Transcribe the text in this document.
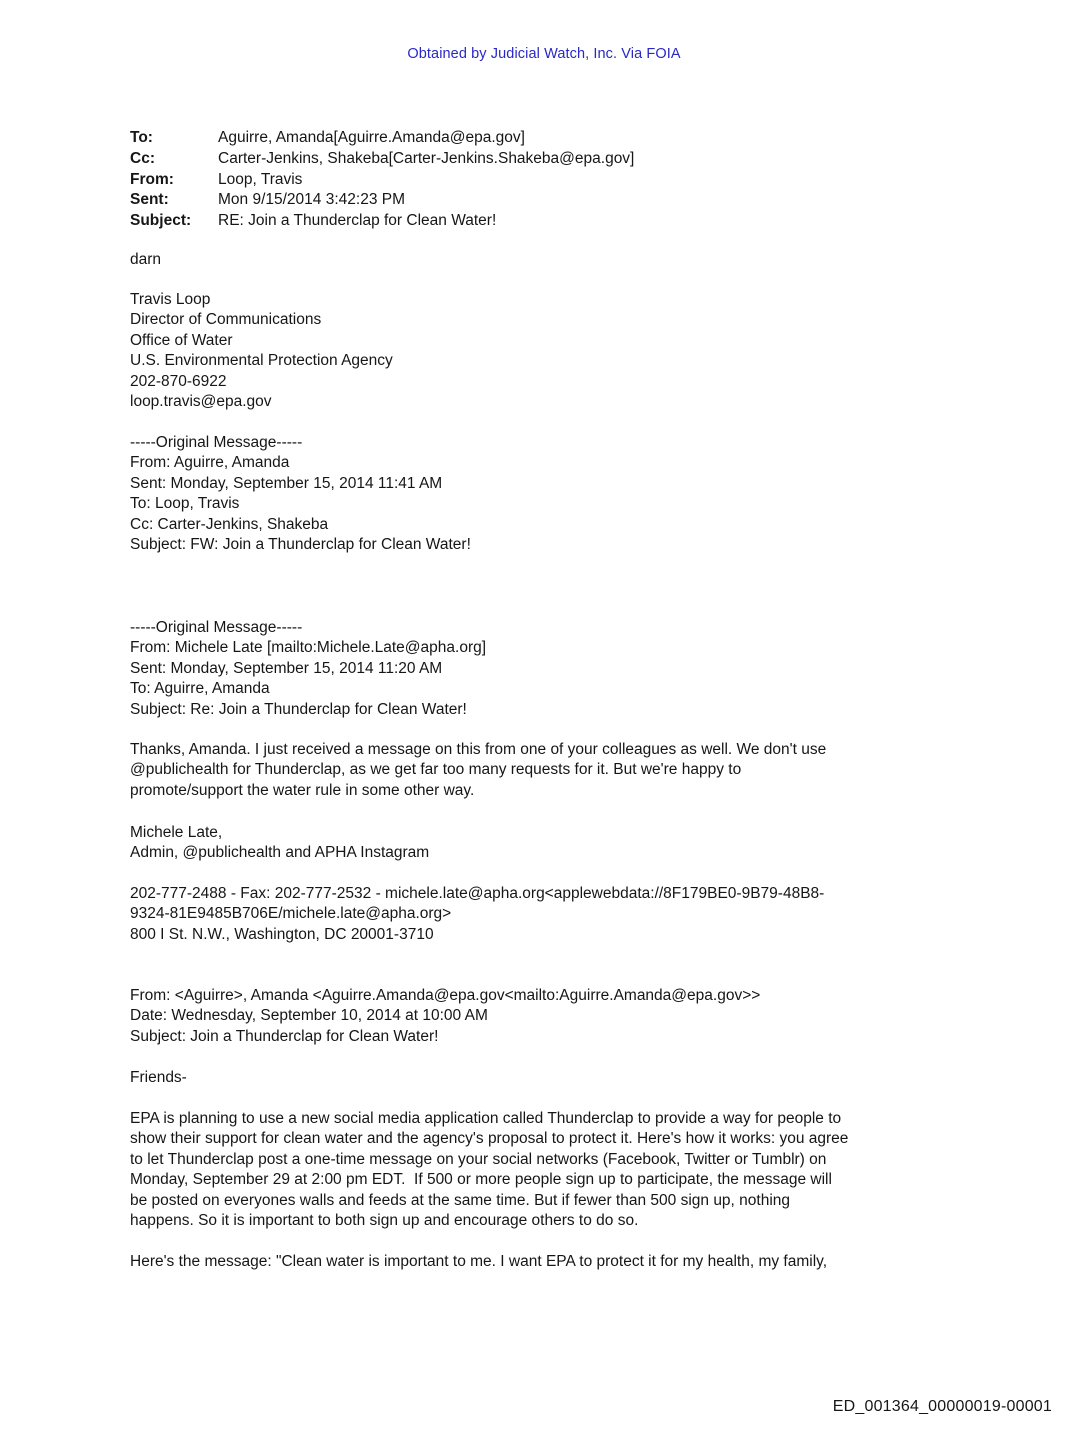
Obtained by Judicial Watch, Inc. Via FOIA
To:	Aguirre, Amanda[Aguirre.Amanda@epa.gov]
Cc:	Carter-Jenkins, Shakeba[Carter-Jenkins.Shakeba@epa.gov]
From:	Loop, Travis
Sent:	Mon 9/15/2014 3:42:23 PM
Subject:	RE: Join a Thunderclap for Clean Water!
darn
Travis Loop
Director of Communications
Office of Water
U.S. Environmental Protection Agency
202-870-6922
loop.travis@epa.gov
-----Original Message-----
From: Aguirre, Amanda
Sent: Monday, September 15, 2014 11:41 AM
To: Loop, Travis
Cc: Carter-Jenkins, Shakeba
Subject: FW: Join a Thunderclap for Clean Water!
-----Original Message-----
From: Michele Late [mailto:Michele.Late@apha.org]
Sent: Monday, September 15, 2014 11:20 AM
To: Aguirre, Amanda
Subject: Re: Join a Thunderclap for Clean Water!
Thanks, Amanda. I just received a message on this from one of your colleagues as well. We don't use
@publichealth for Thunderclap, as we get far too many requests for it. But we're happy to
promote/support the water rule in some other way.
Michele Late,
Admin, @publichealth and APHA Instagram
202-777-2488 - Fax: 202-777-2532 - michele.late@apha.org<applewebdata://8F179BE0-9B79-48B8-
9324-81E9485B706E/michele.late@apha.org>
800 I St. N.W., Washington, DC 20001-3710
From: <Aguirre>, Amanda <Aguirre.Amanda@epa.gov<mailto:Aguirre.Amanda@epa.gov>>
Date: Wednesday, September 10, 2014 at 10:00 AM
Subject: Join a Thunderclap for Clean Water!
Friends-
EPA is planning to use a new social media application called Thunderclap to provide a way for people to
show their support for clean water and the agency's proposal to protect it. Here's how it works: you agree
to let Thunderclap post a one-time message on your social networks (Facebook, Twitter or Tumblr) on
Monday, September 29 at 2:00 pm EDT.  If 500 or more people sign up to participate, the message will
be posted on everyones walls and feeds at the same time. But if fewer than 500 sign up, nothing
happens. So it is important to both sign up and encourage others to do so.
Here's the message: "Clean water is important to me. I want EPA to protect it for my health, my family,
ED_001364_00000019-00001
